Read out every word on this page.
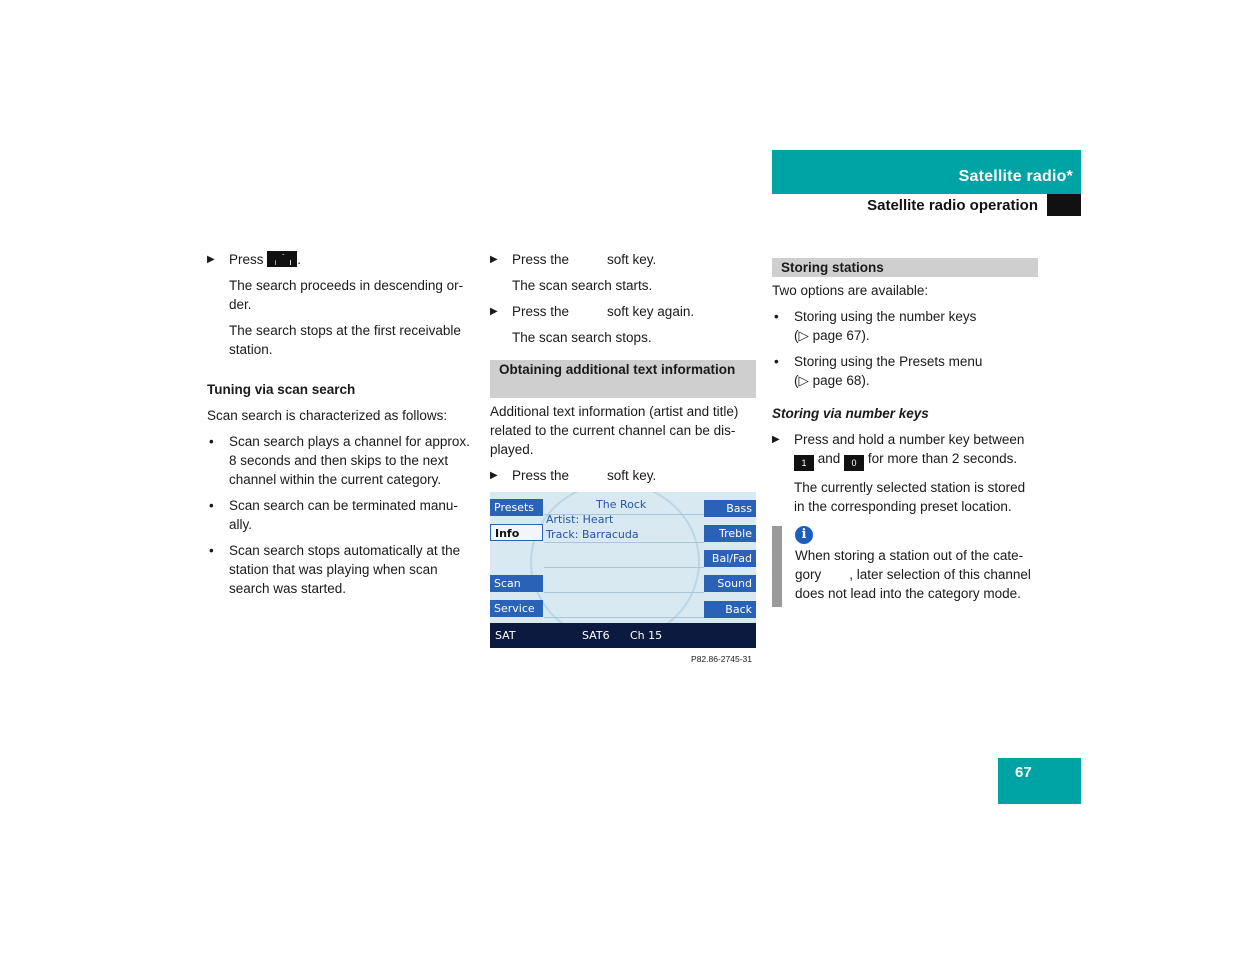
Satellite radio*
Satellite radio operation
▶ Press	.
The search proceeds in descending or-der.
The search stops at the first receivable station.
Tuning via scan search
Scan search is characterized as follows:
• Scan search plays a channel for approx. 8 seconds and then skips to the next channel within the current category.
• Scan search can be terminated manu-ally.
• Scan search stops automatically at the station that was playing when scan search was started.
▶ Press the	soft key.
The scan search starts.
▶ Press the	soft key again.
The scan search stops.
Obtaining additional text information
Additional text information (artist and title) related to the current channel can be dis-played.
▶ Press the	soft key.
Presets
Info
Scan
Service
Bass
Treble
Bal/Fad
Sound
Back
The Rock
Artist: Heart
Track: Barracuda
SAT	SAT6 Ch 15
P82.86-2745-31
Storing stations
Two options are available:
• Storing using the number keys
(▷ page 67).
• Storing using the Presets menu
(▷ page 68).
Storing via number keys
▶ Press and hold a number key between
1 and 0 for more than 2 seconds.
The currently selected station is stored in the corresponding preset location.
i
When storing a station out of the cate-gory , later selection of this channel does not lead into the category mode.
67
